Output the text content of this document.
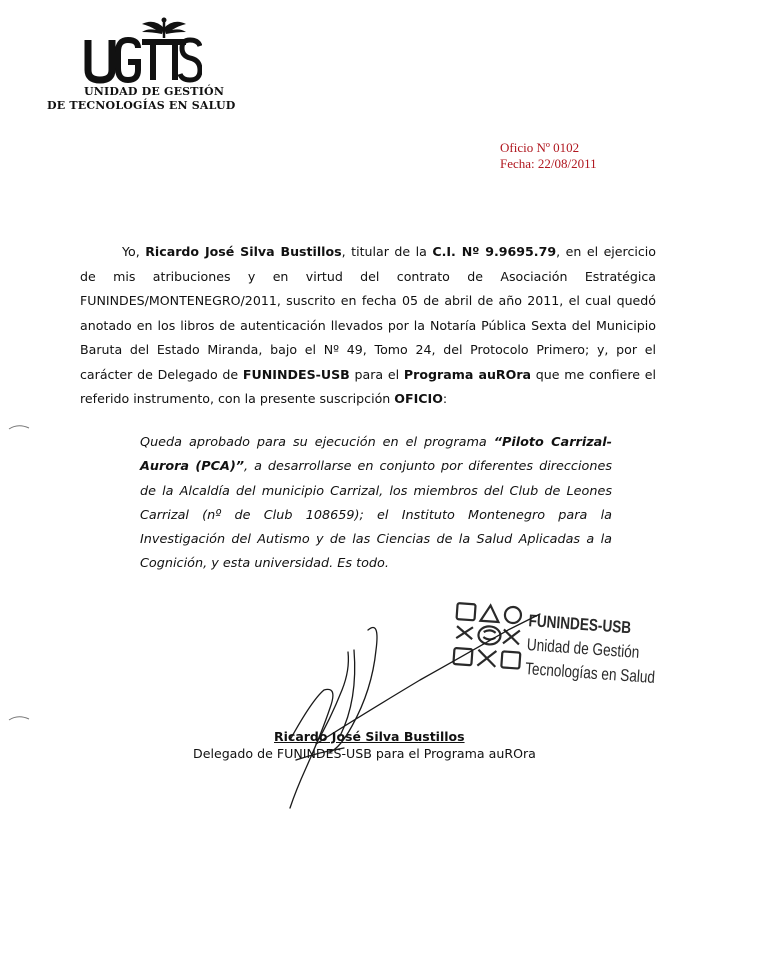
UNIDAD DE GESTIÓN
DE TECNOLOGÍAS EN SALUD
Oficio Nº 0102
Fecha: 22/08/2011
Yo, Ricardo José Silva Bustillos, titular de la C.I. Nº 9.9695.79, en el ejercicio de mis atribuciones y en virtud del contrato de Asociación Estratégica FUNINDES/MONTENEGRO/2011, suscrito en fecha 05 de abril de año 2011, el cual quedó anotado en los libros de autenticación llevados por la Notaría Pública Sexta del Municipio Baruta del Estado Miranda, bajo el Nº 49, Tomo 24, del Protocolo Primero; y, por el carácter de Delegado de FUNINDES-USB para el Programa auROra que me confiere el referido instrumento, con la presente suscripción OFICIO:
Queda aprobado para su ejecución en el programa “Piloto Carrizal-Aurora (PCA)”, a desarrollarse en conjunto por diferentes direcciones de la Alcaldía del municipio Carrizal, los miembros del Club de Leones Carrizal (nº de Club 108659); el Instituto Montenegro para la Investigación del Autismo y de las Ciencias de la Salud Aplicadas a la Cognición, y esta universidad. Es todo.
FUNINDES-USB
Unidad de Gestión
Tecnologías en Salud
Ricardo José Silva Bustillos
Delegado de FUNINDES-USB para el Programa auROra
